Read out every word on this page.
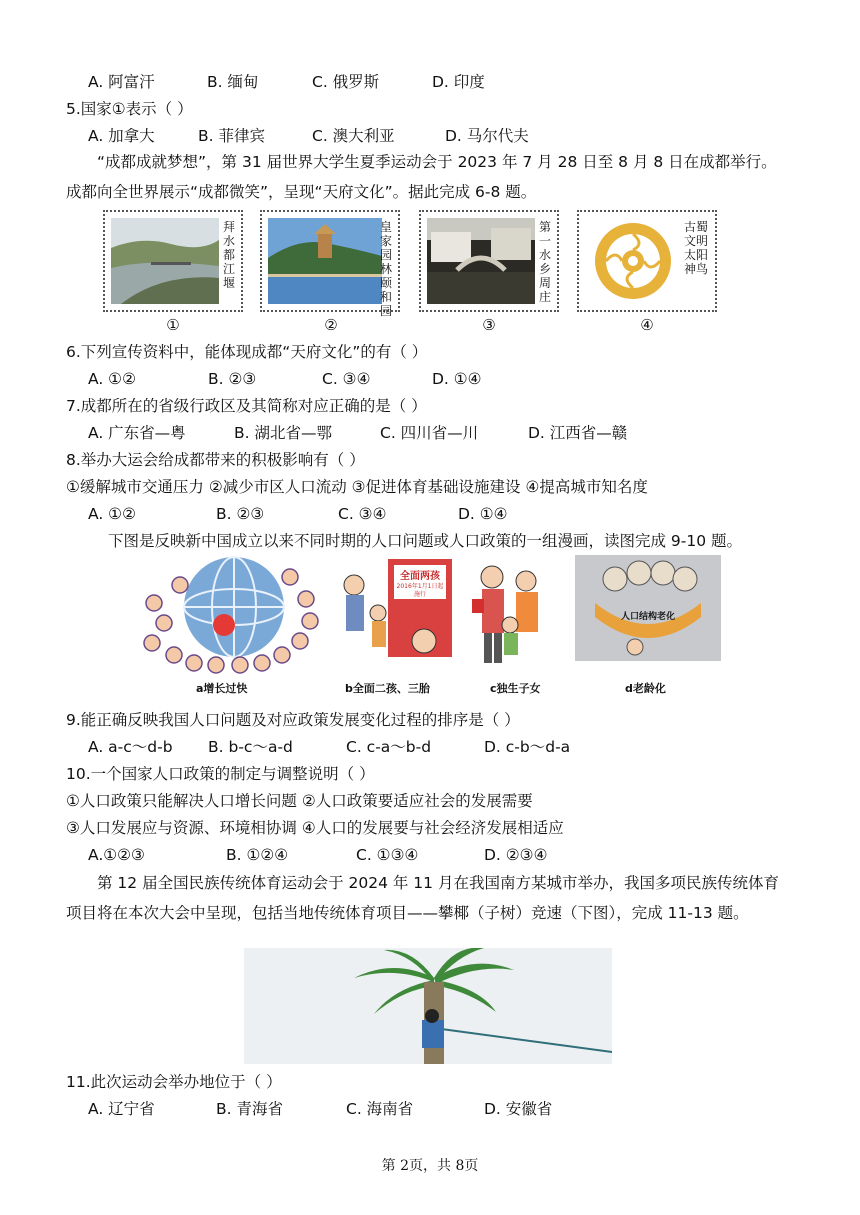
A. 阿富汗	B. 缅甸	C. 俄罗斯	D. 印度
5.国家①表示（ ）
A. 加拿大	B. 菲律宾	C. 澳大利亚	D. 马尔代夫
“成都成就梦想”，第 31 届世界大学生夏季运动会于 2023 年 7 月 28 日至 8 月 8 日在成都举行。成都向全世界展示“成都微笑”，呈现“天府文化”。据此完成 6-8 题。
拜水都江堰
皇家园林颐和园
第一水乡周庄
古蜀文明太阳神鸟
①	②	③	④
6.下列宣传资料中，能体现成都“天府文化”的有（ ）
A. ①②	B. ②③	C. ③④	D. ①④
7.成都所在的省级行政区及其简称对应正确的是（ ）
A. 广东省—粤	B. 湖北省—鄂	C. 四川省—川	D. 江西省—赣
8.举办大运会给成都带来的积极影响有（ ）
①缓解城市交通压力 ②减少市区人口流动 ③促进体育基础设施建设 ④提高城市知名度
A. ①②	B. ②③	C. ③④	D. ①④
下图是反映新中国成立以来不同时期的人口问题或人口政策的一组漫画，读图完成 9-10 题。
全面两孩
2016年1月1日起施行
人口结构老化
a增长过快	b全面二孩、三胎	c独生子女	d老龄化
9.能正确反映我国人口问题及对应政策发展变化过程的排序是（ ）
A. a-c～d-b B. b-c～a-d	C. c-a～b-d	D. c-b～d-a
10.一个国家人口政策的制定与调整说明（ ）
①人口政策只能解决人口增长问题 ②人口政策要适应社会的发展需要
③人口发展应与资源、环境相协调 ④人口的发展要与社会经济发展相适应
A.①②③	B. ①②④	C. ①③④	D. ②③④
第 12 届全国民族传统体育运动会于 2024 年 11 月在我国南方某城市举办，我国多项民族传统体育项目将在本次大会中呈现，包括当地传统体育项目——攀椰（子树）竞速（下图），完成 11-13 题。
11.此次运动会举办地位于（ ）
A. 辽宁省	B. 青海省	C. 海南省	D. 安徽省
第 2页，共 8页
